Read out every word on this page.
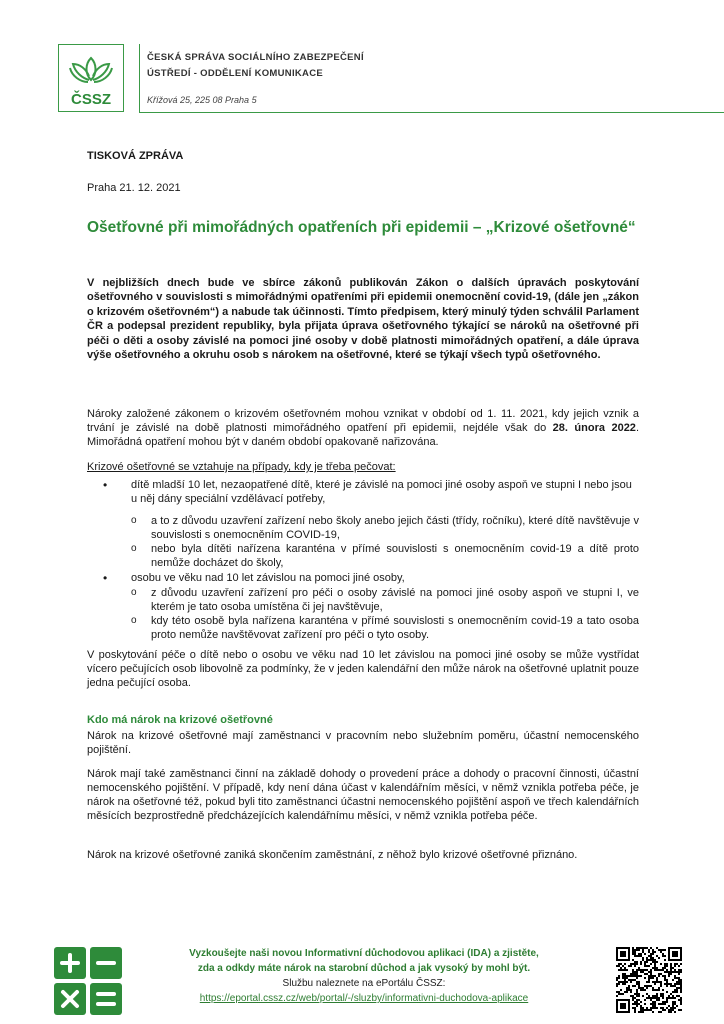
ČSSZ
ČESKÁ SPRÁVA SOCIÁLNÍHO ZABEZPEČENÍ
ÚSTŘEDÍ - ODDĚLENÍ KOMUNIKACE
Křížová 25, 225 08 Praha 5
TISKOVÁ ZPRÁVA
Praha 21. 12. 2021
Ošetřovné při mimořádných opatřeních při epidemii – „Krizové ošetřovné“
V nejbližších dnech bude ve sbírce zákonů publikován Zákon o dalších úpravách poskytování ošetřovného v souvislosti s mimořádnými opatřeními při epidemii onemocnění covid-19, (dále jen „zákon o krizovém ošetřovném“) a nabude tak účinnosti. Tímto předpisem, který minulý týden schválil Parlament ČR a podepsal prezident republiky, byla přijata úprava ošetřovného týkající se nároků na ošetřovné při péči o děti a osoby závislé na pomoci jiné osoby v době platnosti mimořádných opatření, a dále úprava výše ošetřovného a okruhu osob s nárokem na ošetřovné, které se týkají všech typů ošetřovného.
Nároky založené zákonem o krizovém ošetřovném mohou vznikat v období od 1. 11. 2021, kdy jejich vznik a trvání je závislé na době platnosti mimořádného opatření při epidemii, nejdéle však do 28. února 2022. Mimořádná opatření mohou být v daném období opakovaně nařizována.
Krizové ošetřovné se vztahuje na případy, kdy je třeba pečovat:
• dítě mladší 10 let, nezaopatřené dítě, které je závislé na pomoci jiné osoby aspoň ve stupni I nebo jsou u něj dány speciální vzdělávací potřeby,
o a to z důvodu uzavření zařízení nebo školy anebo jejich části (třídy, ročníku), které dítě navštěvuje v souvislosti s onemocněním COVID-19,
o nebo byla dítěti nařízena karanténa v přímé souvislosti s onemocněním covid-19 a dítě proto nemůže docházet do školy,
• osobu ve věku nad 10 let závislou na pomoci jiné osoby,
o z důvodu uzavření zařízení pro péči o osoby závislé na pomoci jiné osoby aspoň ve stupni I, ve kterém je tato osoba umístěna či jej navštěvuje,
o kdy této osobě byla nařízena karanténa v přímé souvislosti s onemocněním covid-19 a tato osoba proto nemůže navštěvovat zařízení pro péči o tyto osoby.
V poskytování péče o dítě nebo o osobu ve věku nad 10 let závislou na pomoci jiné osoby se může vystřídat vícero pečujících osob libovolně za podmínky, že v jeden kalendářní den může nárok na ošetřovné uplatnit pouze jedna pečující osoba.
Kdo má nárok na krizové ošetřovné
Nárok na krizové ošetřovné mají zaměstnanci v pracovním nebo služebním poměru, účastní nemocenského pojištění.
Nárok mají také zaměstnanci činní na základě dohody o provedení práce a dohody o pracovní činnosti, účastní nemocenského pojištění. V případě, kdy není dána účast v kalendářním měsíci, v němž vznikla potřeba péče, je nárok na ošetřovné též, pokud byli tito zaměstnanci účastni nemocenského pojištění aspoň ve třech kalendářních měsících bezprostředně předcházejících kalendářnímu měsíci, v němž vznikla potřeba péče.
Nárok na krizové ošetřovné zaniká skončením zaměstnání, z něhož bylo krizové ošetřovné přiznáno.
Vyzkoušejte naši novou Informativní důchodovou aplikaci (IDA) a zjistěte,
zda a odkdy máte nárok na starobní důchod a jak vysoký by mohl být.
Službu naleznete na ePortálu ČSSZ:
https://eportal.cssz.cz/web/portal/-/sluzby/informativni-duchodova-aplikace
